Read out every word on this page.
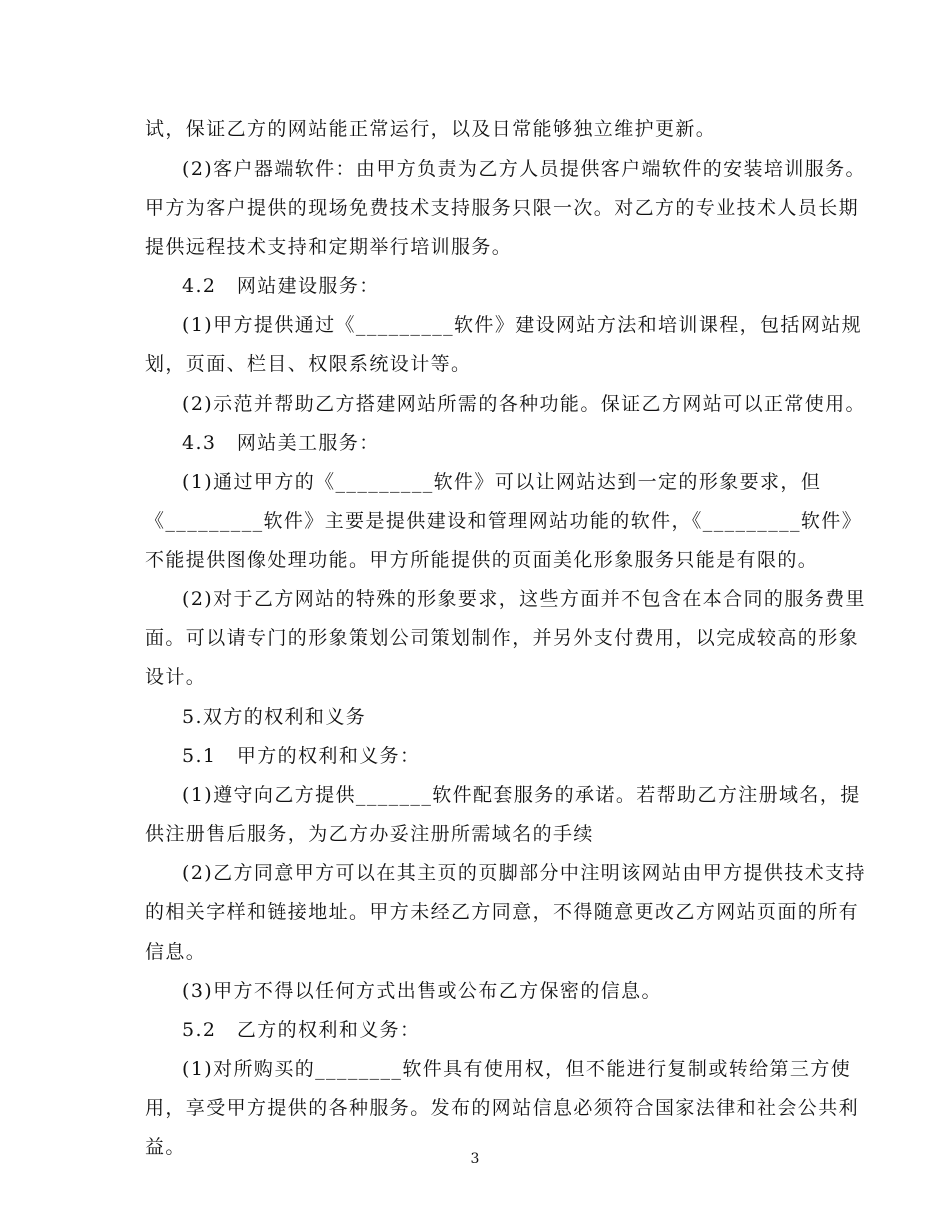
试，保证乙方的网站能正常运行，以及日常能够独立维护更新。
(2)客户器端软件：由甲方负责为乙方人员提供客户端软件的安装培训服务。
甲方为客户提供的现场免费技术支持服务只限一次。对乙方的专业技术人员长期
提供远程技术支持和定期举行培训服务。
4.2　网站建设服务：
(1)甲方提供通过《_________软件》建设网站方法和培训课程，包括网站规
划，页面、栏目、权限系统设计等。
(2)示范并帮助乙方搭建网站所需的各种功能。保证乙方网站可以正常使用。
4.3　网站美工服务：
(1)通过甲方的《_________软件》可以让网站达到一定的形象要求，但
《_________软件》主要是提供建设和管理网站功能的软件，《_________软件》
不能提供图像处理功能。甲方所能提供的页面美化形象服务只能是有限的。
(2)对于乙方网站的特殊的形象要求，这些方面并不包含在本合同的服务费里
面。可以请专门的形象策划公司策划制作，并另外支付费用，以完成较高的形象
设计。
5.双方的权利和义务
5.1　甲方的权利和义务：
(1)遵守向乙方提供_______软件配套服务的承诺。若帮助乙方注册域名，提
供注册售后服务，为乙方办妥注册所需域名的手续
(2)乙方同意甲方可以在其主页的页脚部分中注明该网站由甲方提供技术支持
的相关字样和链接地址。甲方未经乙方同意，不得随意更改乙方网站页面的所有
信息。
(3)甲方不得以任何方式出售或公布乙方保密的信息。
5.2　乙方的权利和义务：
(1)对所购买的________软件具有使用权，但不能进行复制或转给第三方使
用，享受甲方提供的各种服务。发布的网站信息必须符合国家法律和社会公共利
益。
3
